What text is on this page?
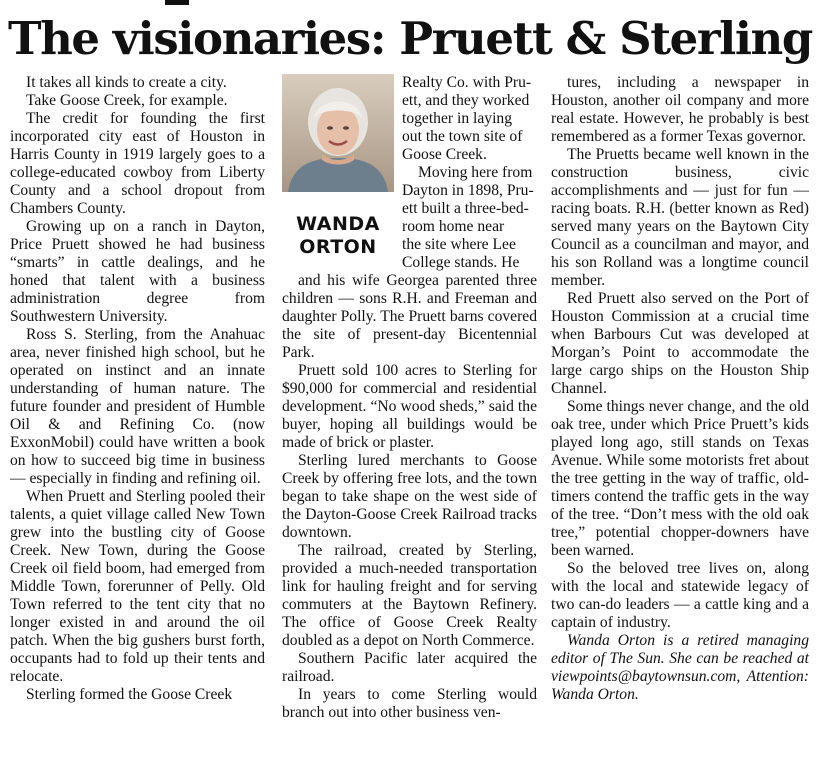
The visionaries: Pruett & Sterling

It takes all kinds to create a city.

Take Goose Creek, for example.

The credit for founding the first incorporated city east of Houston in Harris County in 1919 largely goes to a college-educated cowboy from Liberty County and a school dropout from Chambers County.

Growing up on a ranch in Dayton, Price Pruett showed he had business “smarts” in cattle dealings, and he honed that talent with a business administration degree from Southwestern University.

Ross S. Sterling, from the Anahuac area, never finished high school, but he operated on instinct and an innate understanding of human nature. The future founder and president of Humble Oil & and Refining Co. (now ExxonMobil) could have written a book on how to succeed big time in business — especially in finding and refining oil.

When Pruett and Sterling pooled their talents, a quiet village called New Town grew into the bustling city of Goose Creek. New Town, during the Goose Creek oil field boom, had emerged from Middle Town, forerunner of Pelly. Old Town referred to the tent city that no longer existed in and around the oil patch. When the big gushers burst forth, occupants had to fold up their tents and relocate.

Sterling formed the Goose Creek

WANDA
ORTON
Realty Co. with Pru-
ett, and they worked
together in laying
out the town site of
Goose Creek.
Moving here from
Dayton in 1898, Pru-
ett built a three-bed-
room home near
the site where Lee
College stands. He

and his wife Georgea parented three children — sons R.H. and Freeman and daughter Polly. The Pruett barns covered the site of present-day Bicentennial Park.

Pruett sold 100 acres to Sterling for $90,000 for commercial and residential development. “No wood sheds,” said the buyer, hoping all buildings would be made of brick or plaster.

Sterling lured merchants to Goose Creek by offering free lots, and the town began to take shape on the west side of the Dayton-Goose Creek Railroad tracks downtown.

The railroad, created by Sterling, provided a much-needed transportation link for hauling freight and for serving commuters at the Baytown Refinery. The office of Goose Creek Realty doubled as a depot on North Commerce.

Southern Pacific later acquired the railroad.

In years to come Sterling would branch out into other business ven-

tures, including a newspaper in Houston, another oil company and more real estate. However, he probably is best remembered as a former Texas governor.

The Pruetts became well known in the construction business, civic accomplishments and — just for fun — racing boats. R.H. (better known as Red) served many years on the Baytown City Council as a councilman and mayor, and his son Rolland was a longtime council member.

Red Pruett also served on the Port of Houston Commission at a crucial time when Barbours Cut was developed at Morgan’s Point to accommodate the large cargo ships on the Houston Ship Channel.

Some things never change, and the old oak tree, under which Price Pruett’s kids played long ago, still stands on Texas Avenue. While some motorists fret about the tree getting in the way of traffic, old-timers contend the traffic gets in the way of the tree. “Don’t mess with the old oak tree,” potential chopper-downers have been warned.

So the beloved tree lives on, along with the local and statewide legacy of two can-do leaders — a cattle king and a captain of industry.

Wanda Orton is a retired managing editor of The Sun. She can be reached at viewpoints@baytownsun.com, Attention: Wanda Orton.
